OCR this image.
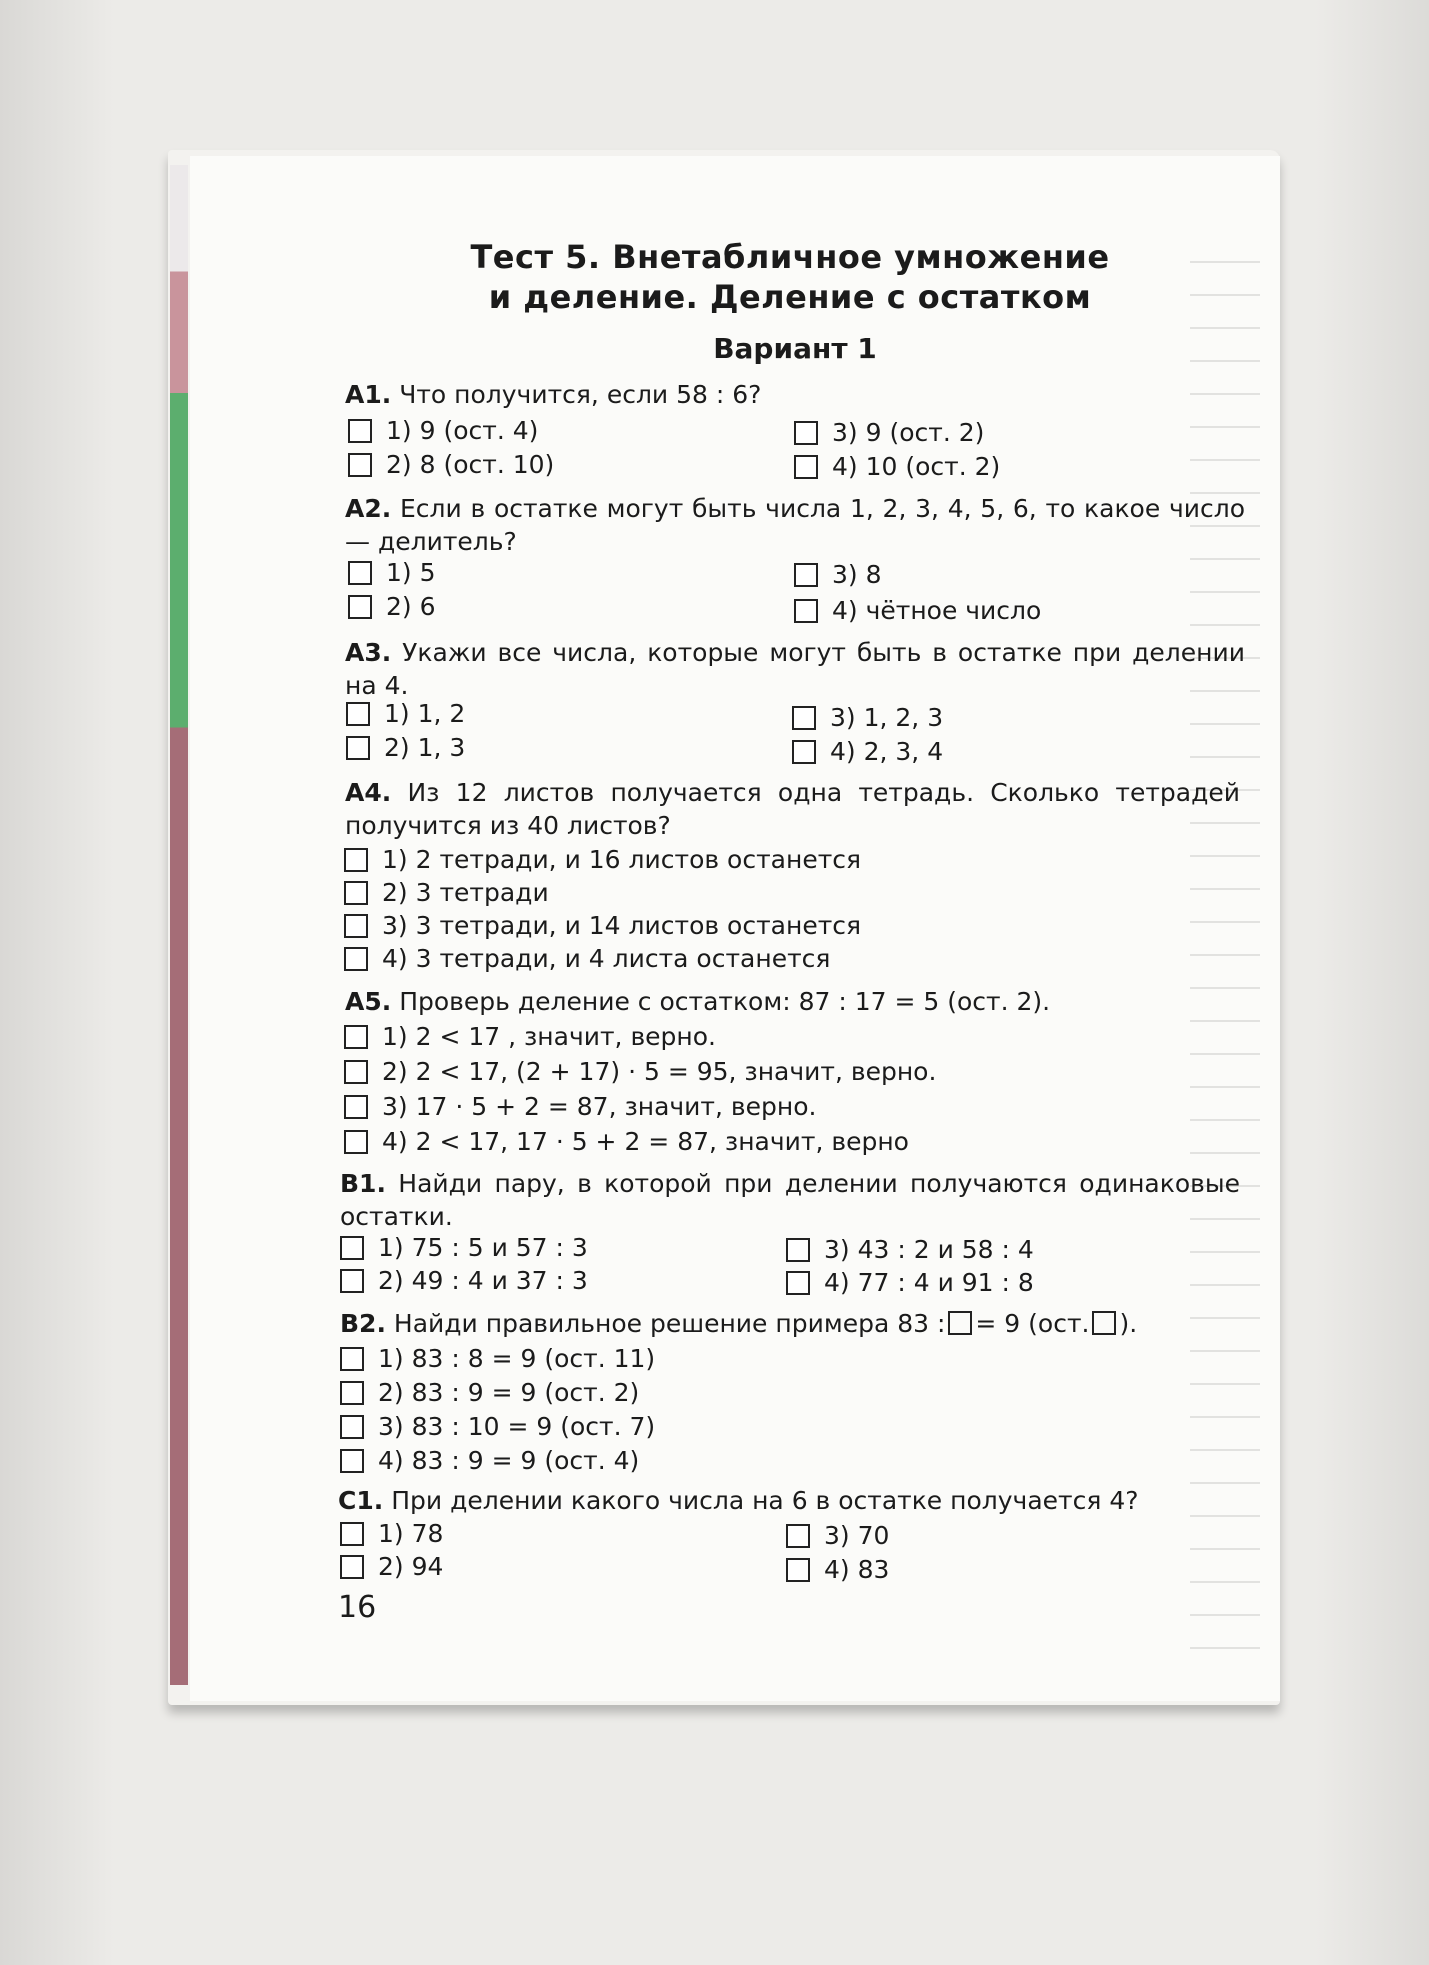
Тест 5. Внетабличное умножение
и деление. Деление с остатком
Вариант 1
А1. Что получится, если 58 : 6?
1) 9 (ост. 4)
2) 8 (ост. 10)
3) 9 (ост. 2)
4) 10 (ост. 2)
А2. Если в остатке могут быть числа 1, 2, 3, 4, 5, 6, то какое число — делитель?
1) 5
2) 6
3) 8
4) чётное число
А3. Укажи все числа, которые могут быть в остатке при делении на 4.
1) 1, 2
2) 1, 3
3) 1, 2, 3
4) 2, 3, 4
А4. Из 12 листов получается одна тетрадь. Сколько тетрадей получится из 40 листов?
1) 2 тетради, и 16 листов останется
2) 3 тетради
3) 3 тетради, и 14 листов останется
4) 3 тетради, и 4 листа останется
А5. Проверь деление с остатком: 87 : 17 = 5 (ост. 2).
1) 2 < 17 , значит, верно.
2) 2 < 17, (2 + 17) · 5 = 95, значит, верно.
3) 17 · 5 + 2 = 87, значит, верно.
4) 2 < 17, 17 · 5 + 2 = 87, значит, верно
В1. Найди пару, в которой при делении получаются одинаковые остатки.
1) 75 : 5 и 57 : 3
2) 49 : 4 и 37 : 3
3) 43 : 2 и 58 : 4
4) 77 : 4 и 91 : 8
В2. Найди правильное решение примера 83 : = 9 (ост. ).
1) 83 : 8 = 9 (ост. 11)
2) 83 : 9 = 9 (ост. 2)
3) 83 : 10 = 9 (ост. 7)
4) 83 : 9 = 9 (ост. 4)
С1. При делении какого числа на 6 в остатке получается 4?
1) 78
2) 94
3) 70
4) 83
16
